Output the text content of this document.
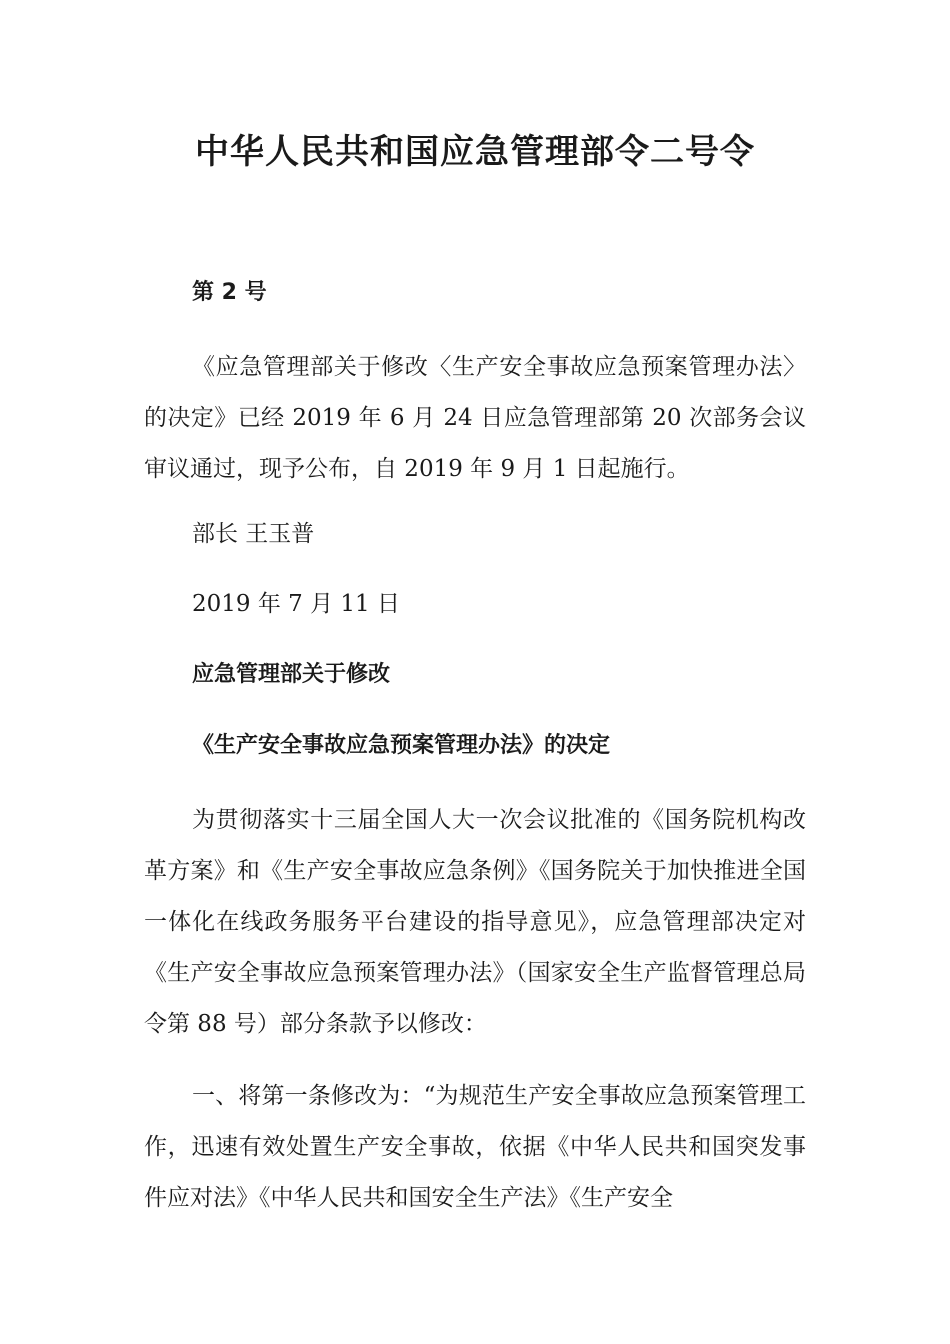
中华人民共和国应急管理部令二号令
第 2 号

《应急管理部关于修改〈生产安全事故应急预案管理办法〉的决定》已经 2019 年 6 月 24 日应急管理部第 20 次部务会议审议通过，现予公布，自 2019 年 9 月 1 日起施行。

部长 王玉普
2019 年 7 月 11 日
应急管理部关于修改
《生产安全事故应急预案管理办法》的决定

为贯彻落实十三届全国人大一次会议批准的《国务院机构改革方案》和《生产安全事故应急条例》《国务院关于加快推进全国一体化在线政务服务平台建设的指导意见》，应急管理部决定对《生产安全事故应急预案管理办法》（国家安全生产监督管理总局令第 88 号）部分条款予以修改：

一、将第一条修改为：“为规范生产安全事故应急预案管理工作，迅速有效处置生产安全事故，依据《中华人民共和国突发事件应对法》《中华人民共和国安全生产法》《生产安全
